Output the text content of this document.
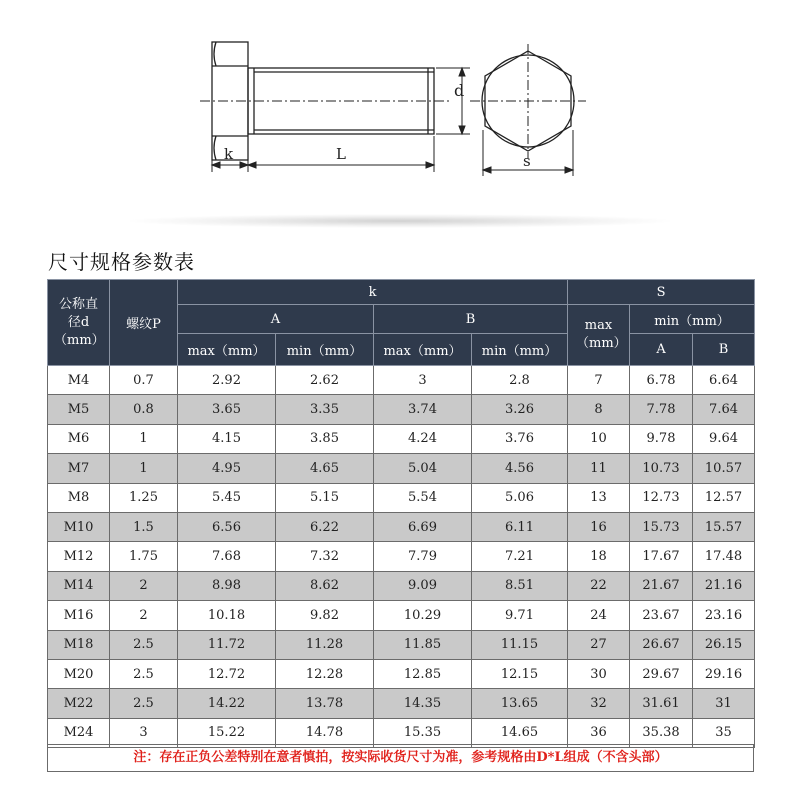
d
k	L	s
尺寸规格参数表
公称直径d（mm）	螺纹P	k				S		
		A		B		max（mm）	min（mm）	
		max（mm）	min（mm）	max（mm）	min（mm）		A	B
M4	0.7	2.92	2.62	3	2.8	7	6.78	6.64
M5	0.8	3.65	3.35	3.74	3.26	8	7.78	7.64
M6	1	4.15	3.85	4.24	3.76	10	9.78	9.64
M7	1	4.95	4.65	5.04	4.56	11	10.73	10.57
M8	1.25	5.45	5.15	5.54	5.06	13	12.73	12.57
M10	1.5	6.56	6.22	6.69	6.11	16	15.73	15.57
M12	1.75	7.68	7.32	7.79	7.21	18	17.67	17.48
M14	2	8.98	8.62	9.09	8.51	22	21.67	21.16
M16	2	10.18	9.82	10.29	9.71	24	23.67	23.16
M18	2.5	11.72	11.28	11.85	11.15	27	26.67	26.15
M20	2.5	12.72	12.28	12.85	12.15	30	29.67	29.16
M22	2.5	14.22	13.78	14.35	13.65	32	31.61	31
M24	3	15.22	14.78	15.35	14.65	36	35.38	35
注：存在正负公差特别在意者慎拍，按实际收货尺寸为准，参考规格由D*L组成（不含头部）
